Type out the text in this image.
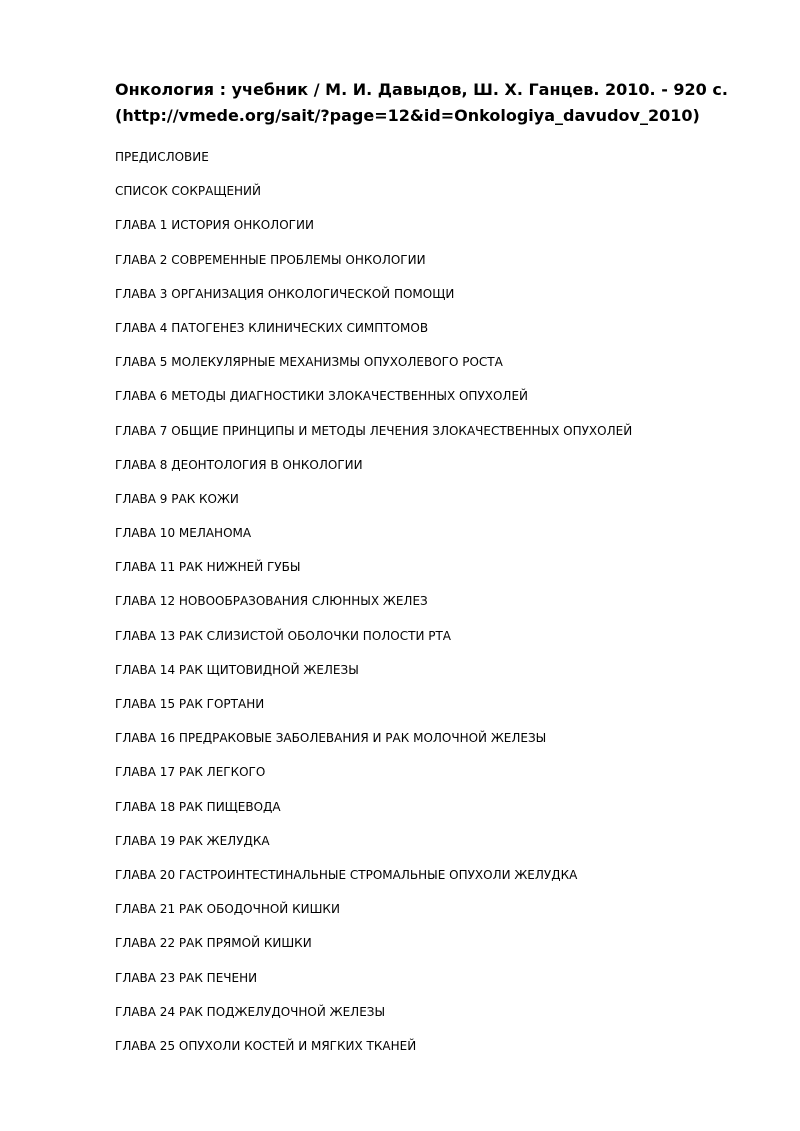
Онкология : учебник / М. И. Давыдов, Ш. Х. Ганцев. 2010. - 920 с.
(http://vmede.org/sait/?page=12&id=Onkologiya_davudov_2010)
ПРЕДИСЛОВИЕ
СПИСОК СОКРАЩЕНИЙ
ГЛАВА 1 ИСТОРИЯ ОНКОЛОГИИ
ГЛАВА 2 СОВРЕМЕННЫЕ ПРОБЛЕМЫ ОНКОЛОГИИ
ГЛАВА 3 ОРГАНИЗАЦИЯ ОНКОЛОГИЧЕСКОЙ ПОМОЩИ
ГЛАВА 4 ПАТОГЕНЕЗ КЛИНИЧЕСКИХ СИМПТОМОВ
ГЛАВА 5 МОЛЕКУЛЯРНЫЕ МЕХАНИЗМЫ ОПУХОЛЕВОГО РОСТА
ГЛАВА 6 МЕТОДЫ ДИАГНОСТИКИ ЗЛОКАЧЕСТВЕННЫХ ОПУХОЛЕЙ
ГЛАВА 7 ОБЩИЕ ПРИНЦИПЫ И МЕТОДЫ ЛЕЧЕНИЯ ЗЛОКАЧЕСТВЕННЫХ ОПУХОЛЕЙ
ГЛАВА 8 ДЕОНТОЛОГИЯ В ОНКОЛОГИИ
ГЛАВА 9 РАК КОЖИ
ГЛАВА 10 МЕЛАНОМА
ГЛАВА 11 РАК НИЖНЕЙ ГУБЫ
ГЛАВА 12 НОВООБРАЗОВАНИЯ СЛЮННЫХ ЖЕЛЕЗ
ГЛАВА 13 РАК СЛИЗИСТОЙ ОБОЛОЧКИ ПОЛОСТИ РТА
ГЛАВА 14 РАК ЩИТОВИДНОЙ ЖЕЛЕЗЫ
ГЛАВА 15 РАК ГОРТАНИ
ГЛАВА 16 ПРЕДРАКОВЫЕ ЗАБОЛЕВАНИЯ И РАК МОЛОЧНОЙ ЖЕЛЕЗЫ
ГЛАВА 17 РАК ЛЕГКОГО
ГЛАВА 18 РАК ПИЩЕВОДА
ГЛАВА 19 РАК ЖЕЛУДКА
ГЛАВА 20 ГАСТРОИНТЕСТИНАЛЬНЫЕ СТРОМАЛЬНЫЕ ОПУХОЛИ ЖЕЛУДКА
ГЛАВА 21 РАК ОБОДОЧНОЙ КИШКИ
ГЛАВА 22 РАК ПРЯМОЙ КИШКИ
ГЛАВА 23 РАК ПЕЧЕНИ
ГЛАВА 24 РАК ПОДЖЕЛУДОЧНОЙ ЖЕЛЕЗЫ
ГЛАВА 25 ОПУХОЛИ КОСТЕЙ И МЯГКИХ ТКАНЕЙ
